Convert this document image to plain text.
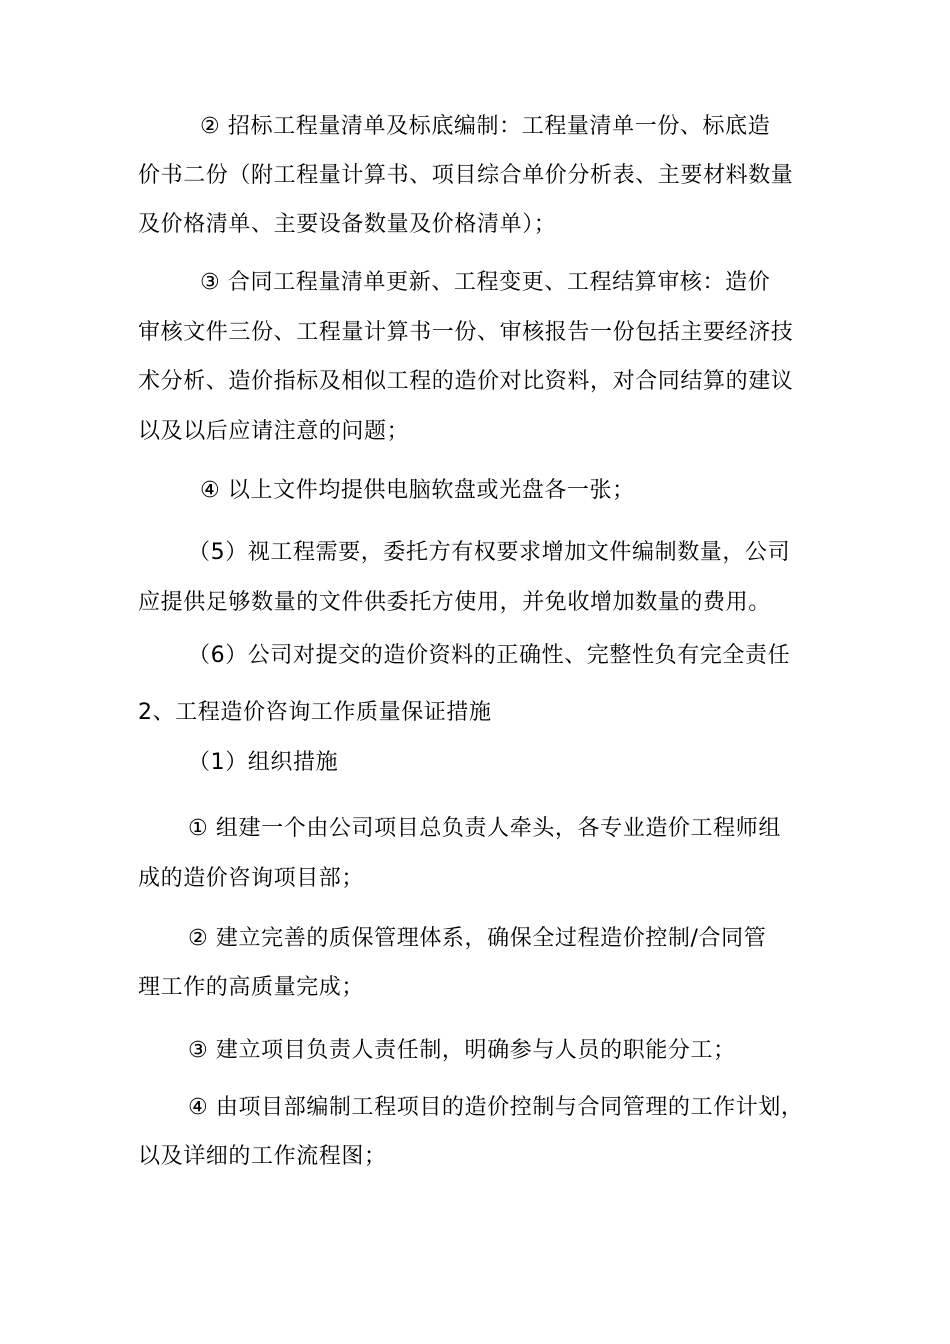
② 招标工程量清单及标底编制：工程量清单一份、标底造
价书二份（附工程量计算书、项目综合单价分析表、主要材料数量
及价格清单、主要设备数量及价格清单）；
③ 合同工程量清单更新、工程变更、工程结算审核：造价
审核文件三份、工程量计算书一份、审核报告一份包括主要经济技
术分析、造价指标及相似工程的造价对比资料，对合同结算的建议
以及以后应请注意的问题；
④ 以上文件均提供电脑软盘或光盘各一张；
（5）视工程需要，委托方有权要求增加文件编制数量，公司
应提供足够数量的文件供委托方使用，并免收增加数量的费用。
（6）公司对提交的造价资料的正确性、完整性负有完全责任
2、工程造价咨询工作质量保证措施
（1）组织措施
① 组建一个由公司项目总负责人牵头，各专业造价工程师组
成的造价咨询项目部；
② 建立完善的质保管理体系，确保全过程造价控制/合同管
理工作的高质量完成；
③ 建立项目负责人责任制，明确参与人员的职能分工；
④ 由项目部编制工程项目的造价控制与合同管理的工作计划，
以及详细的工作流程图；
